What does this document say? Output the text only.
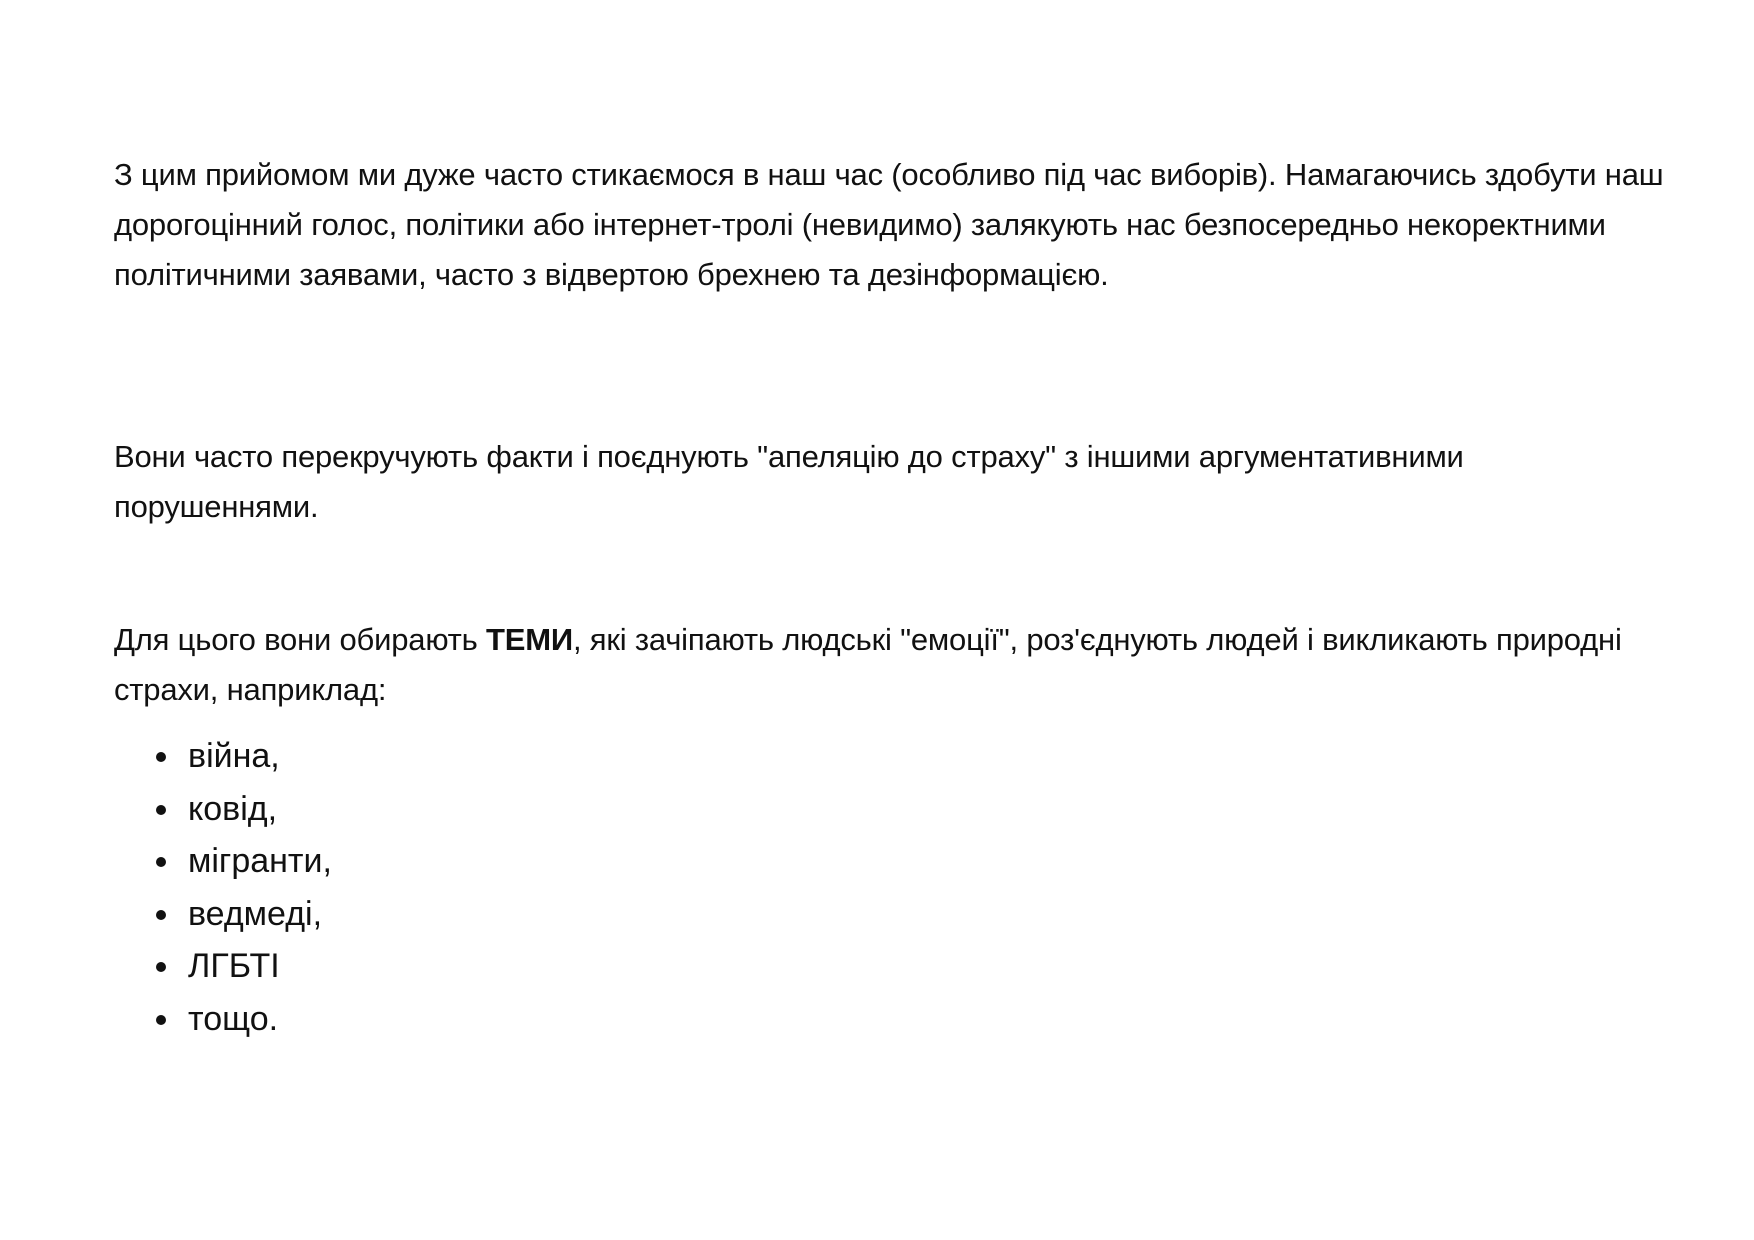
З цим прийомом ми дуже часто стикаємося в наш час (особливо під час виборів). Намагаючись здобути наш дорогоцінний голос, політики або інтернет-тролі (невидимо) залякують нас безпосередньо некоректними політичними заявами, часто з відвертою брехнею та дезінформацією.

Вони часто перекручують факти і поєднують "апеляцію до страху" з іншими аргументативними порушеннями.

Для цього вони обирають ТЕМИ, які зачіпають людські "емоції", роз'єднують людей і викликають природні страхи, наприклад:

війна,
ковід,
мігранти,
ведмеді,
ЛГБТІ
тощо.
